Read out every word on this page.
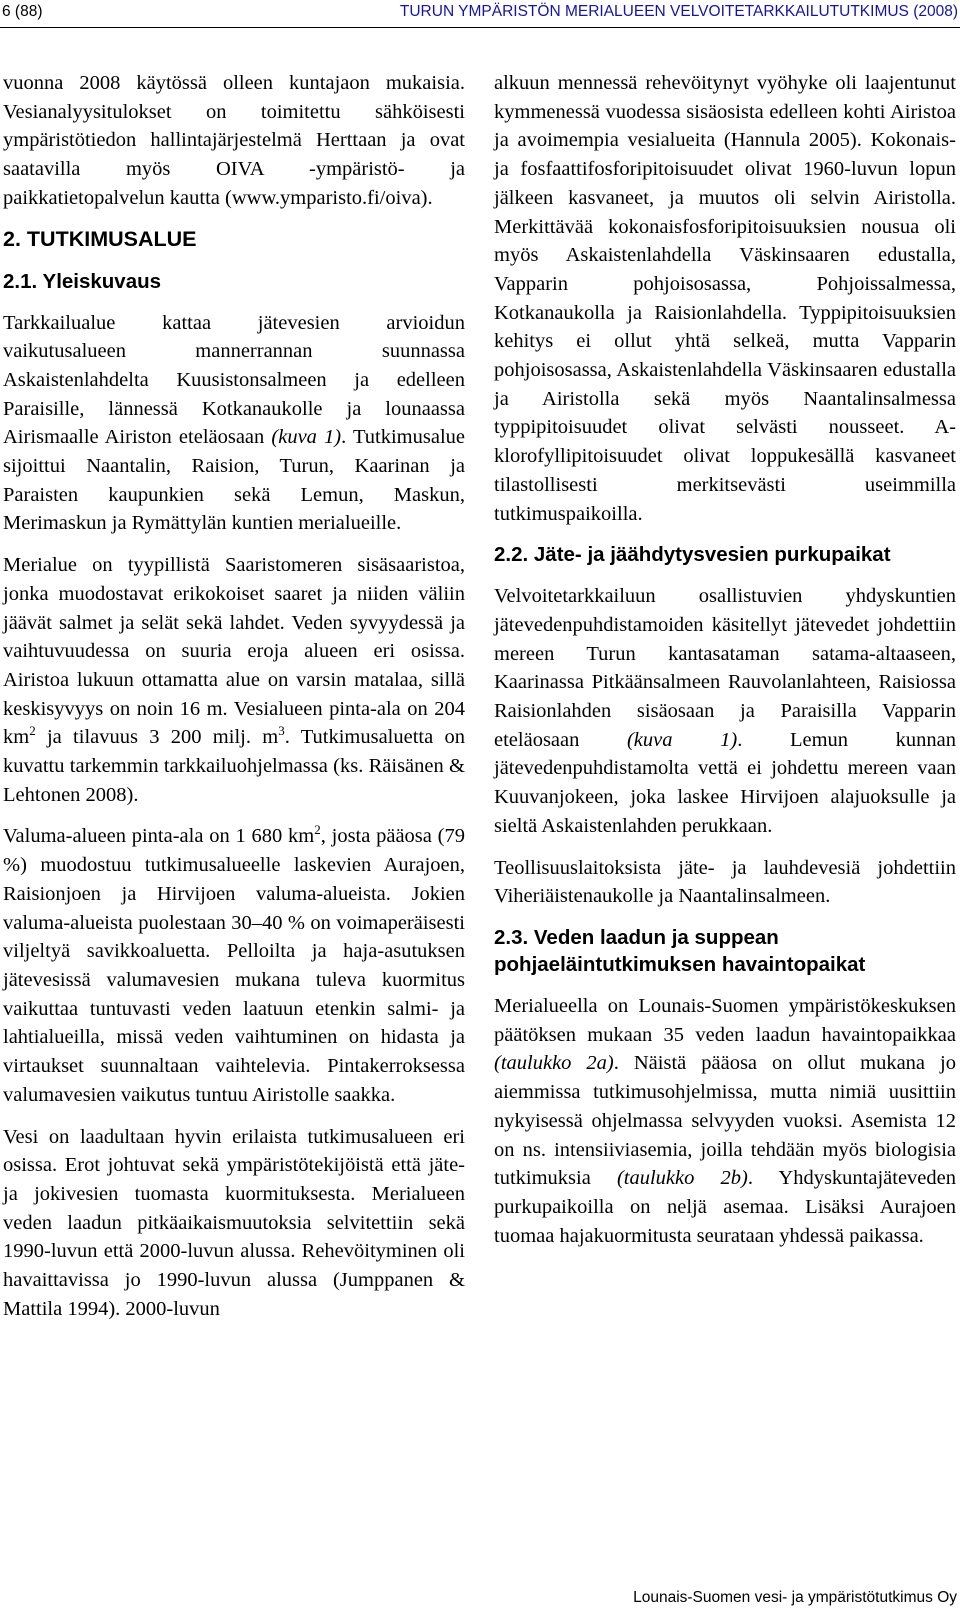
6 (88)	TURUN YMPÄRISTÖN MERIALUEEN VELVOITETARKKAILUTUTKIMUS (2008)

vuonna 2008 käytössä olleen kuntajaon mukaisia. Vesianalyysitulokset on toimitettu sähköisesti ympäristötiedon hallintajärjestelmä Herttaan ja ovat saatavilla myös OIVA -ympäristö- ja paikkatietopalvelun kautta (www.ymparisto.fi/oiva).

2. TUTKIMUSALUE
2.1. Yleiskuvaus

Tarkkailualue kattaa jätevesien arvioidun vaikutusalueen mannerrannan suunnassa Askaistenlahdelta Kuusistonsalmeen ja edelleen Paraisille, lännessä Kotkanaukolle ja lounaassa Airismaalle Airiston eteläosaan (kuva 1). Tutkimusalue sijoittui Naantalin, Raision, Turun, Kaarinan ja Paraisten kaupunkien sekä Lemun, Maskun, Merimaskun ja Rymättylän kuntien merialueille.

Merialue on tyypillistä Saaristomeren sisäsaaristoa, jonka muodostavat erikokoiset saaret ja niiden väliin jäävät salmet ja selät sekä lahdet. Veden syvyydessä ja vaihtuvuudessa on suuria eroja alueen eri osissa. Airistoa lukuun ottamatta alue on varsin matalaa, sillä keskisyvyys on noin 16 m. Vesialueen pinta-ala on 204 $km^2$ ja tilavuus 3 200 milj. $m^3$. Tutkimusaluetta on kuvattu tarkemmin tarkkailuohjelmassa (ks. Räisänen & Lehtonen 2008).

Valuma-alueen pinta-ala on 1 680 $km^2$, josta pääosa (79 %) muodostuu tutkimusalueelle laskevien Aurajoen, Raisionjoen ja Hirvijoen valuma-alueista. Jokien valuma-alueista puolestaan 30–40 % on voimaperäisesti viljeltyä savikkoaluetta. Pelloilta ja haja-asutuksen jätevesissä valumavesien mukana tuleva kuormitus vaikuttaa tuntuvasti veden laatuun etenkin salmi- ja lahtialueilla, missä veden vaihtuminen on hidasta ja virtaukset suunnaltaan vaihtelevia. Pintakerroksessa valumavesien vaikutus tuntuu Airistolle saakka.

Vesi on laadultaan hyvin erilaista tutkimusalueen eri osissa. Erot johtuvat sekä ympäristötekijöistä että jäte- ja jokivesien tuomasta kuormituksesta. Merialueen veden laadun pitkäaikaismuutoksia selvitettiin sekä 1990-luvun että 2000-luvun alussa. Rehevöityminen oli havaittavissa jo 1990-luvun alussa (Jumppanen & Mattila 1994). 2000-luvun

alkuun mennessä rehevöitynyt vyöhyke oli laajentunut kymmenessä vuodessa sisäosista edelleen kohti Airistoa ja avoimempia vesialueita (Hannula 2005). Kokonais- ja fosfaattifosforipitoisuudet olivat 1960-luvun lopun jälkeen kasvaneet, ja muutos oli selvin Airistolla. Merkittävää kokonaisfosforipitoisuuksien nousua oli myös Askaistenlahdella Väskinsaaren edustalla, Vapparin pohjoisosassa, Pohjoissalmessa, Kotkanaukolla ja Raisionlahdella. Typpipitoisuuksien kehitys ei ollut yhtä selkeä, mutta Vapparin pohjoisosassa, Askaistenlahdella Väskinsaaren edustalla ja Airistolla sekä myös Naantalinsalmessa typpipitoisuudet olivat selvästi nousseet. A-klorofyllipitoisuudet olivat loppukesällä kasvaneet tilastollisesti merkitsevästi useimmilla tutkimuspaikoilla.

2.2. Jäte- ja jäähdytysvesien purkupaikat

Velvoitetarkkailuun osallistuvien yhdyskuntien jätevedenpuhdistamoiden käsitellyt jätevedet johdettiin mereen Turun kantasataman satama-altaaseen, Kaarinassa Pitkäänsalmeen Rauvolanlahteen, Raisiossa Raisionlahden sisäosaan ja Paraisilla Vapparin eteläosaan (kuva 1). Lemun kunnan jätevedenpuhdistamolta vettä ei johdettu mereen vaan Kuuvanjokeen, joka laskee Hirvijoen alajuoksulle ja sieltä Askaistenlahden perukkaan.

Teollisuuslaitoksista jäte- ja lauhdevesiä johdettiin Viheriäistenaukolle ja Naantalinsalmeen.

2.3. Veden laadun ja suppean pohjaeläintutkimuksen havaintopaikat

Merialueella on Lounais-Suomen ympäristökeskuksen päätöksen mukaan 35 veden laadun havaintopaikkaa (taulukko 2a). Näistä pääosa on ollut mukana jo aiemmissa tutkimusohjelmissa, mutta nimiä uusittiin nykyisessä ohjelmassa selvyyden vuoksi. Asemista 12 on ns. intensiiviasemia, joilla tehdään myös biologisia tutkimuksia (taulukko 2b). Yhdyskuntajäteveden purkupaikoilla on neljä asemaa. Lisäksi Aurajoen tuomaa hajakuormitusta seurataan yhdessä paikassa.

Lounais-Suomen vesi- ja ympäristötutkimus Oy
